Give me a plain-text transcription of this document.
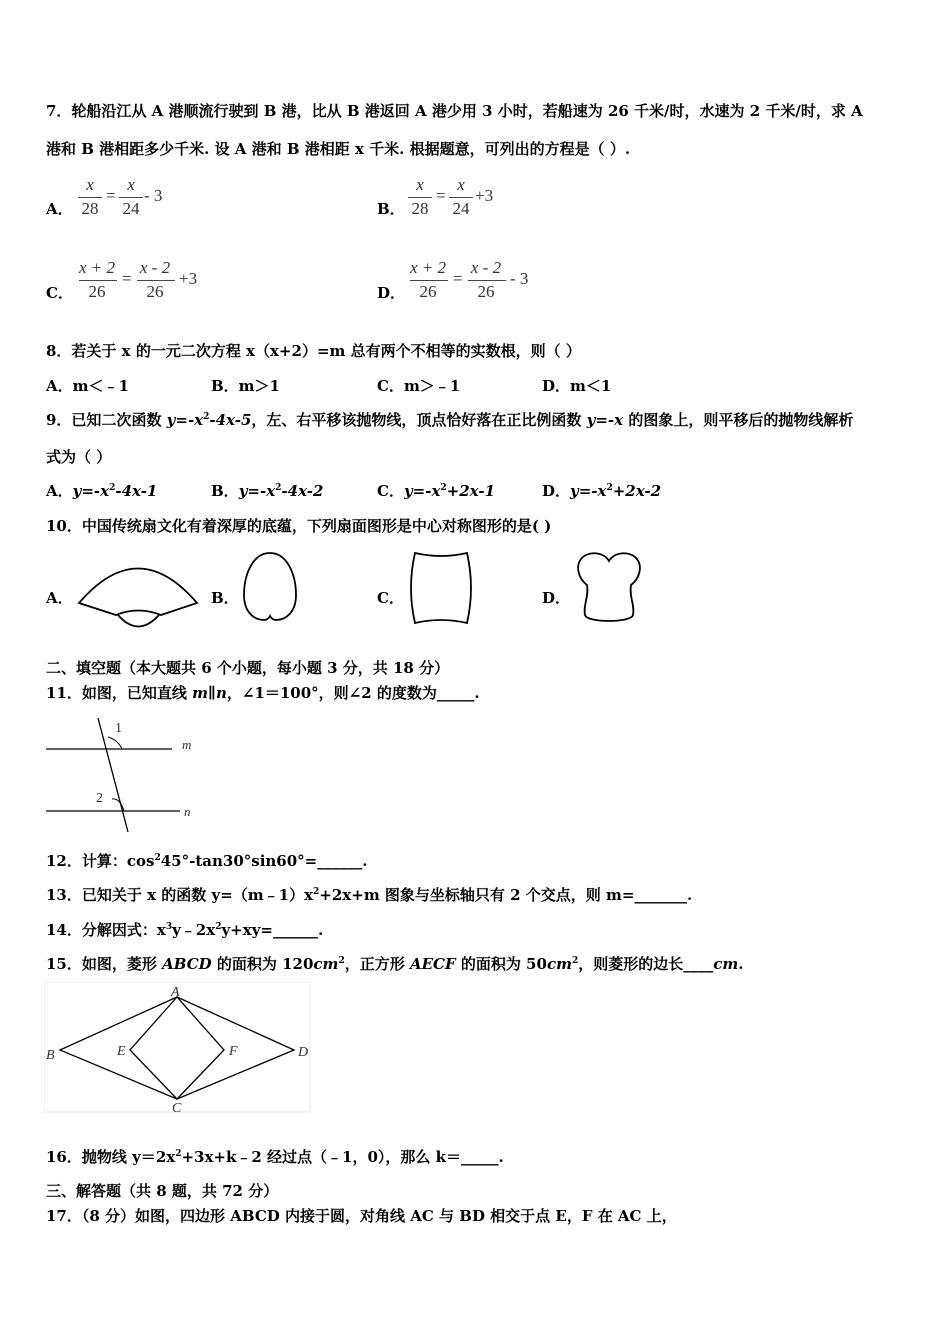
7．轮船沿江从 A 港顺流行驶到 B 港，比从 B 港返回 A 港少用 3 小时，若船速为 26 千米/时，水速为 2 千米/时，求 A
港和 B 港相距多少千米. 设 A 港和 B 港相距 x 千米. 根据题意，可列出的方程是（ ）.
A．
x
28
=
x
24
- 3
B．
x
28
=
x
24
+3
C．
x + 2
26
=
x - 2
26
+3
D．
x + 2
26
=
x - 2
26
- 3
8．若关于 x 的一元二次方程 x（x+2）=m 总有两个不相等的实数根，则（ ）
A．m＜﹣1	B．m＞1	C．m＞﹣1	D．m＜1
9．已知二次函数 $y=-x^2-4x-5$，左、右平移该抛物线，顶点恰好落在正比例函数 y=-x 的图象上，则平移后的抛物线解析
式为（ ）
A．$y=-x^2-4x-1$	B．$y=-x^2-4x-2$	C．$y=-x^2+2x-1$	D．$y=-x^2+2x-2$
10．中国传统扇文化有着深厚的底蕴，下列扇面图形是中心对称图形的是( )
A．	B．	C．	D．
二、填空题（本大题共 6 个小题，每小题 3 分，共 18 分）
11．如图，已知直线 m∥n，∠1＝100°，则∠2 的度数为_____.
1
2
m
n
12．计算：$\cos^245^\circ-\tan 30^\circ\sin 60^\circ=\_\_\_\_\_\_$.
13．已知关于 x 的函数 $y=(m﹣1)x^2+2x+m$ 图象与坐标轴只有 2 个交点，则 m=_______.
14．分解因式：$x^3y﹣2x^2y+xy=\_\_\_\_\_\_$.
15．如图，菱形 ABCD 的面积为 $120cm^2$，正方形 AECF 的面积为 $50cm^2$，则菱形的边长____cm.
A
B
C
D
E	F
16．抛物线 $y=2x^2+3x+k﹣2$ 经过点（﹣1，0），那么 k＝_____.
三、解答题（共 8 题，共 72 分）
17．（8 分）如图，四边形 ABCD 内接于圆，对角线 AC 与 BD 相交于点 E，F 在 AC 上，
